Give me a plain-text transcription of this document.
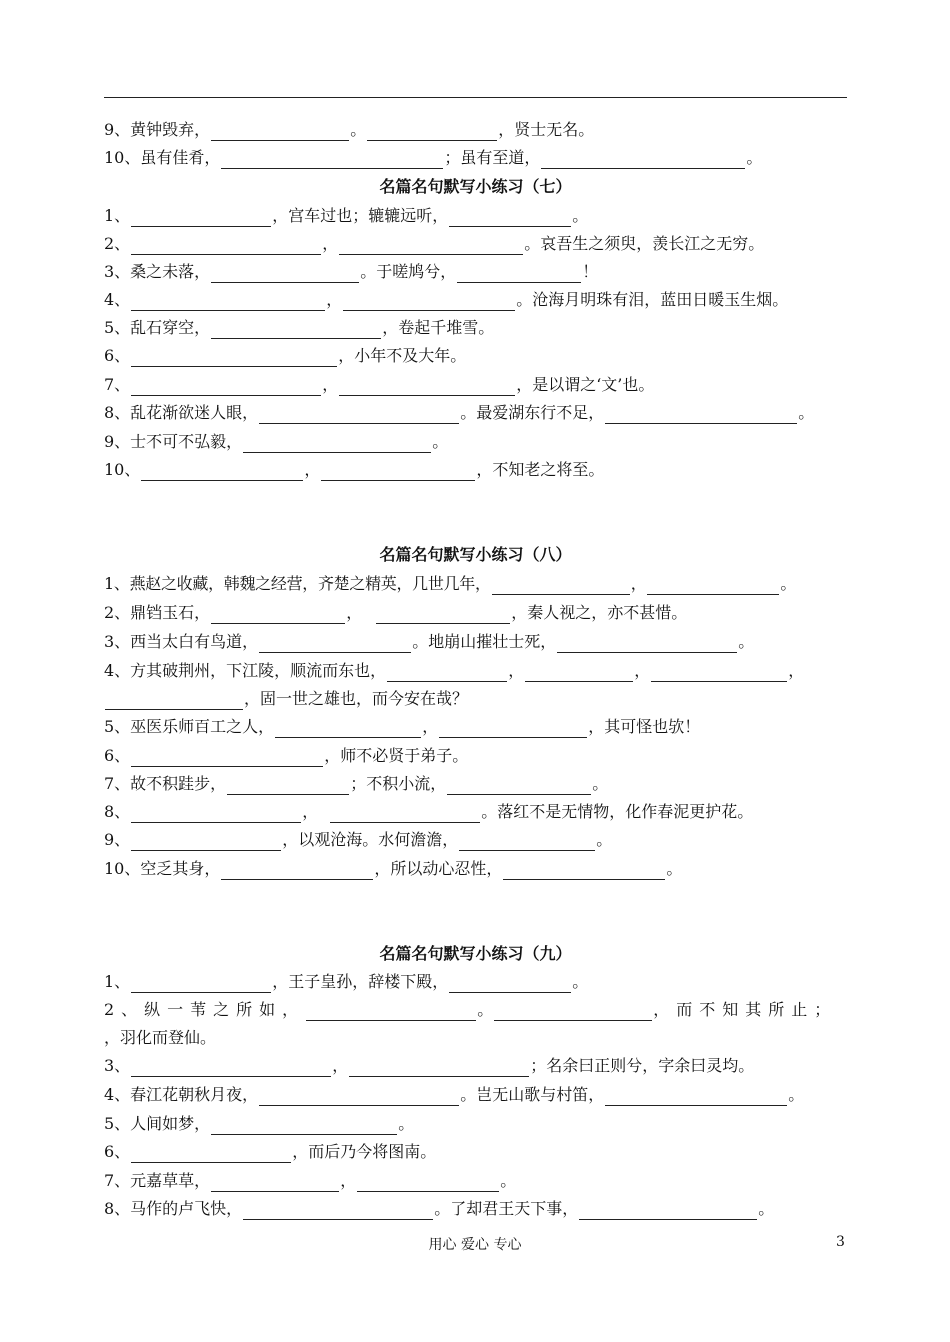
9、黄钟毁弃，	。	，贤士无名。
10、虽有佳肴，	；虽有至道，	。
名篇名句默写小练习（七）
1、	，宫车过也；辘辘远听，	。
2、	，	。哀吾生之须臾，羡长江之无穷。
3、桑之未落，	。于嗟鸠兮，	！
4、	，	。沧海月明珠有泪，蓝田日暖玉生烟。
5、乱石穿空，	，卷起千堆雪。
6、	，小年不及大年。
7、	，	，是以谓之‘文’也。
8、乱花渐欲迷人眼，	。最爱湖东行不足，	。
9、士不可不弘毅，	。
10、	，	，不知老之将至。
名篇名句默写小练习（八）
1、燕赵之收藏，韩魏之经营，齐楚之精英，几世几年，	，	。
2、鼎铛玉石，	，	，秦人视之，亦不甚惜。
3、西当太白有鸟道，	。地崩山摧壮士死，	。
4、方其破荆州，下江陵，顺流而东也，	，	，	，
，固一世之雄也，而今安在哉？
5、巫医乐师百工之人，	，	，其可怪也欤！
6、	，师不必贤于弟子。
7、故不积跬步，	；不积小流，	。
8、	，	。落红不是无情物，化作春泥更护花。
9、	，以观沧海。水何澹澹，	。
10、空乏其身，	，所以动心忍性，	。
名篇名句默写小练习（九）
1、	，王子皇孙，辞楼下殿，	。
2、纵一苇之所如，	。	，而不知其所止；
，羽化而登仙。
3、	，	；名余曰正则兮，字余曰灵均。
4、春江花朝秋月夜，	。岂无山歌与村笛，	。
5、人间如梦，	。
6、	，而后乃今将图南。
7、元嘉草草，	，	。
8、马作的卢飞快，	。了却君王天下事，	。
用心 爱心 专心	3
